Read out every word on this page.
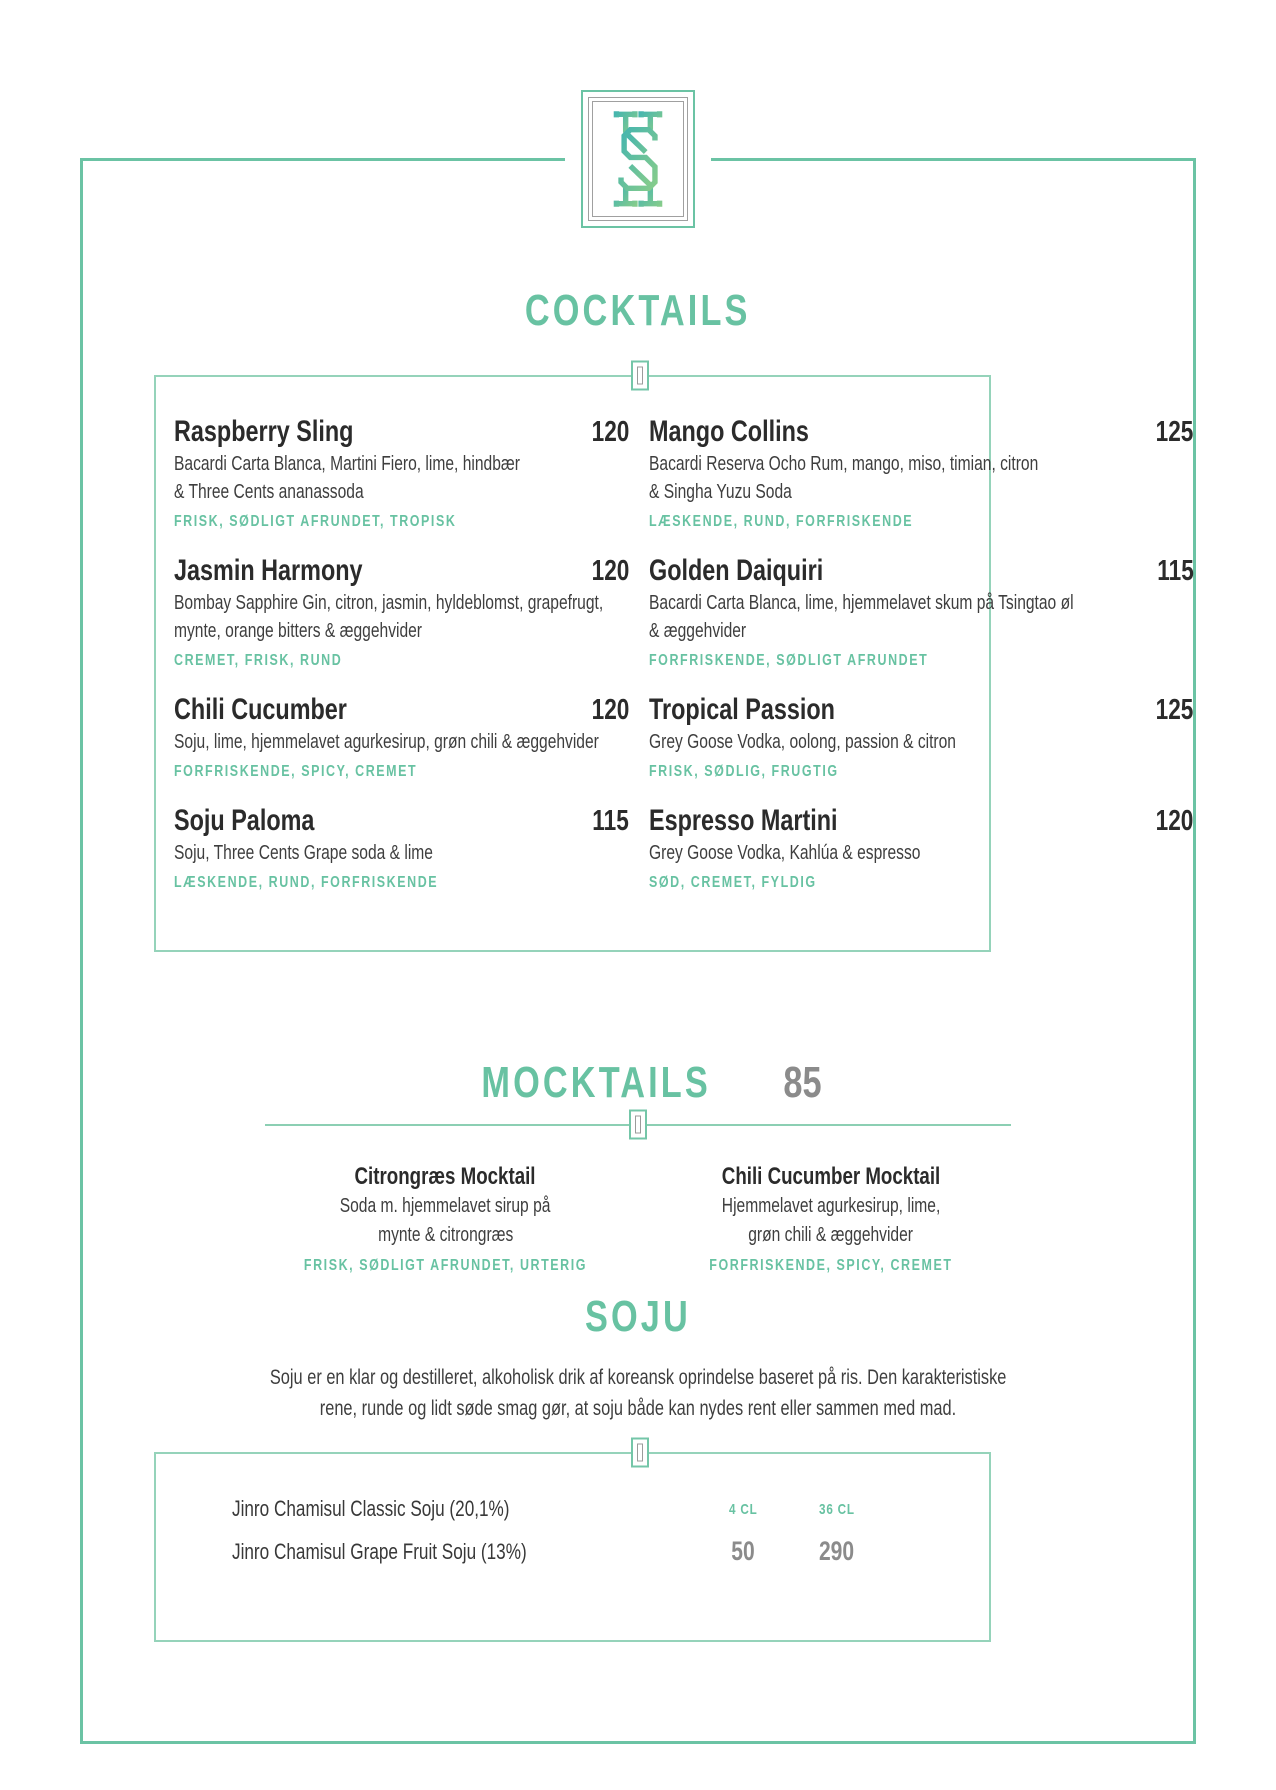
COCKTAILS
Raspberry Sling	120
Bacardi Carta Blanca, Martini Fiero, lime, hindbær
& Three Cents ananassoda
FRISK, SØDLIGT AFRUNDET, TROPISK
Mango Collins	125
Bacardi Reserva Ocho Rum, mango, miso, timian, citron
& Singha Yuzu Soda
LÆSKENDE, RUND, FORFRISKENDE
Jasmin Harmony	120
Bombay Sapphire Gin, citron, jasmin, hyldeblomst, grapefrugt,
mynte, orange bitters & æggehvider
CREMET, FRISK, RUND
Golden Daiquiri	115
Bacardi Carta Blanca, lime, hjemmelavet skum på Tsingtao øl
& æggehvider
FORFRISKENDE, SØDLIGT AFRUNDET
Chili Cucumber	120
Soju, lime, hjemmelavet agurkesirup, grøn chili & æggehvider
FORFRISKENDE, SPICY, CREMET
Tropical Passion	125
Grey Goose Vodka, oolong, passion & citron
FRISK, SØDLIG, FRUGTIG
Soju Paloma	115
Soju, Three Cents Grape soda & lime
LÆSKENDE, RUND, FORFRISKENDE
Espresso Martini	120
Grey Goose Vodka, Kahlúa & espresso
SØD, CREMET, FYLDIG
MOCKTAILS 85
Citrongræs Mocktail
Soda m. hjemmelavet sirup på
mynte & citrongræs
FRISK, SØDLIGT AFRUNDET, URTERIG
Chili Cucumber Mocktail
Hjemmelavet agurkesirup, lime,
grøn chili & æggehvider
FORFRISKENDE, SPICY, CREMET
SOJU
Soju er en klar og destilleret, alkoholisk drik af koreansk oprindelse baseret på ris. Den karakteristiske
rene, runde og lidt søde smag gør, at soju både kan nydes rent eller sammen med mad.
Jinro Chamisul Classic Soju (20,1%)	4 CL	36 CL
Jinro Chamisul Grape Fruit Soju (13%)	50	290
